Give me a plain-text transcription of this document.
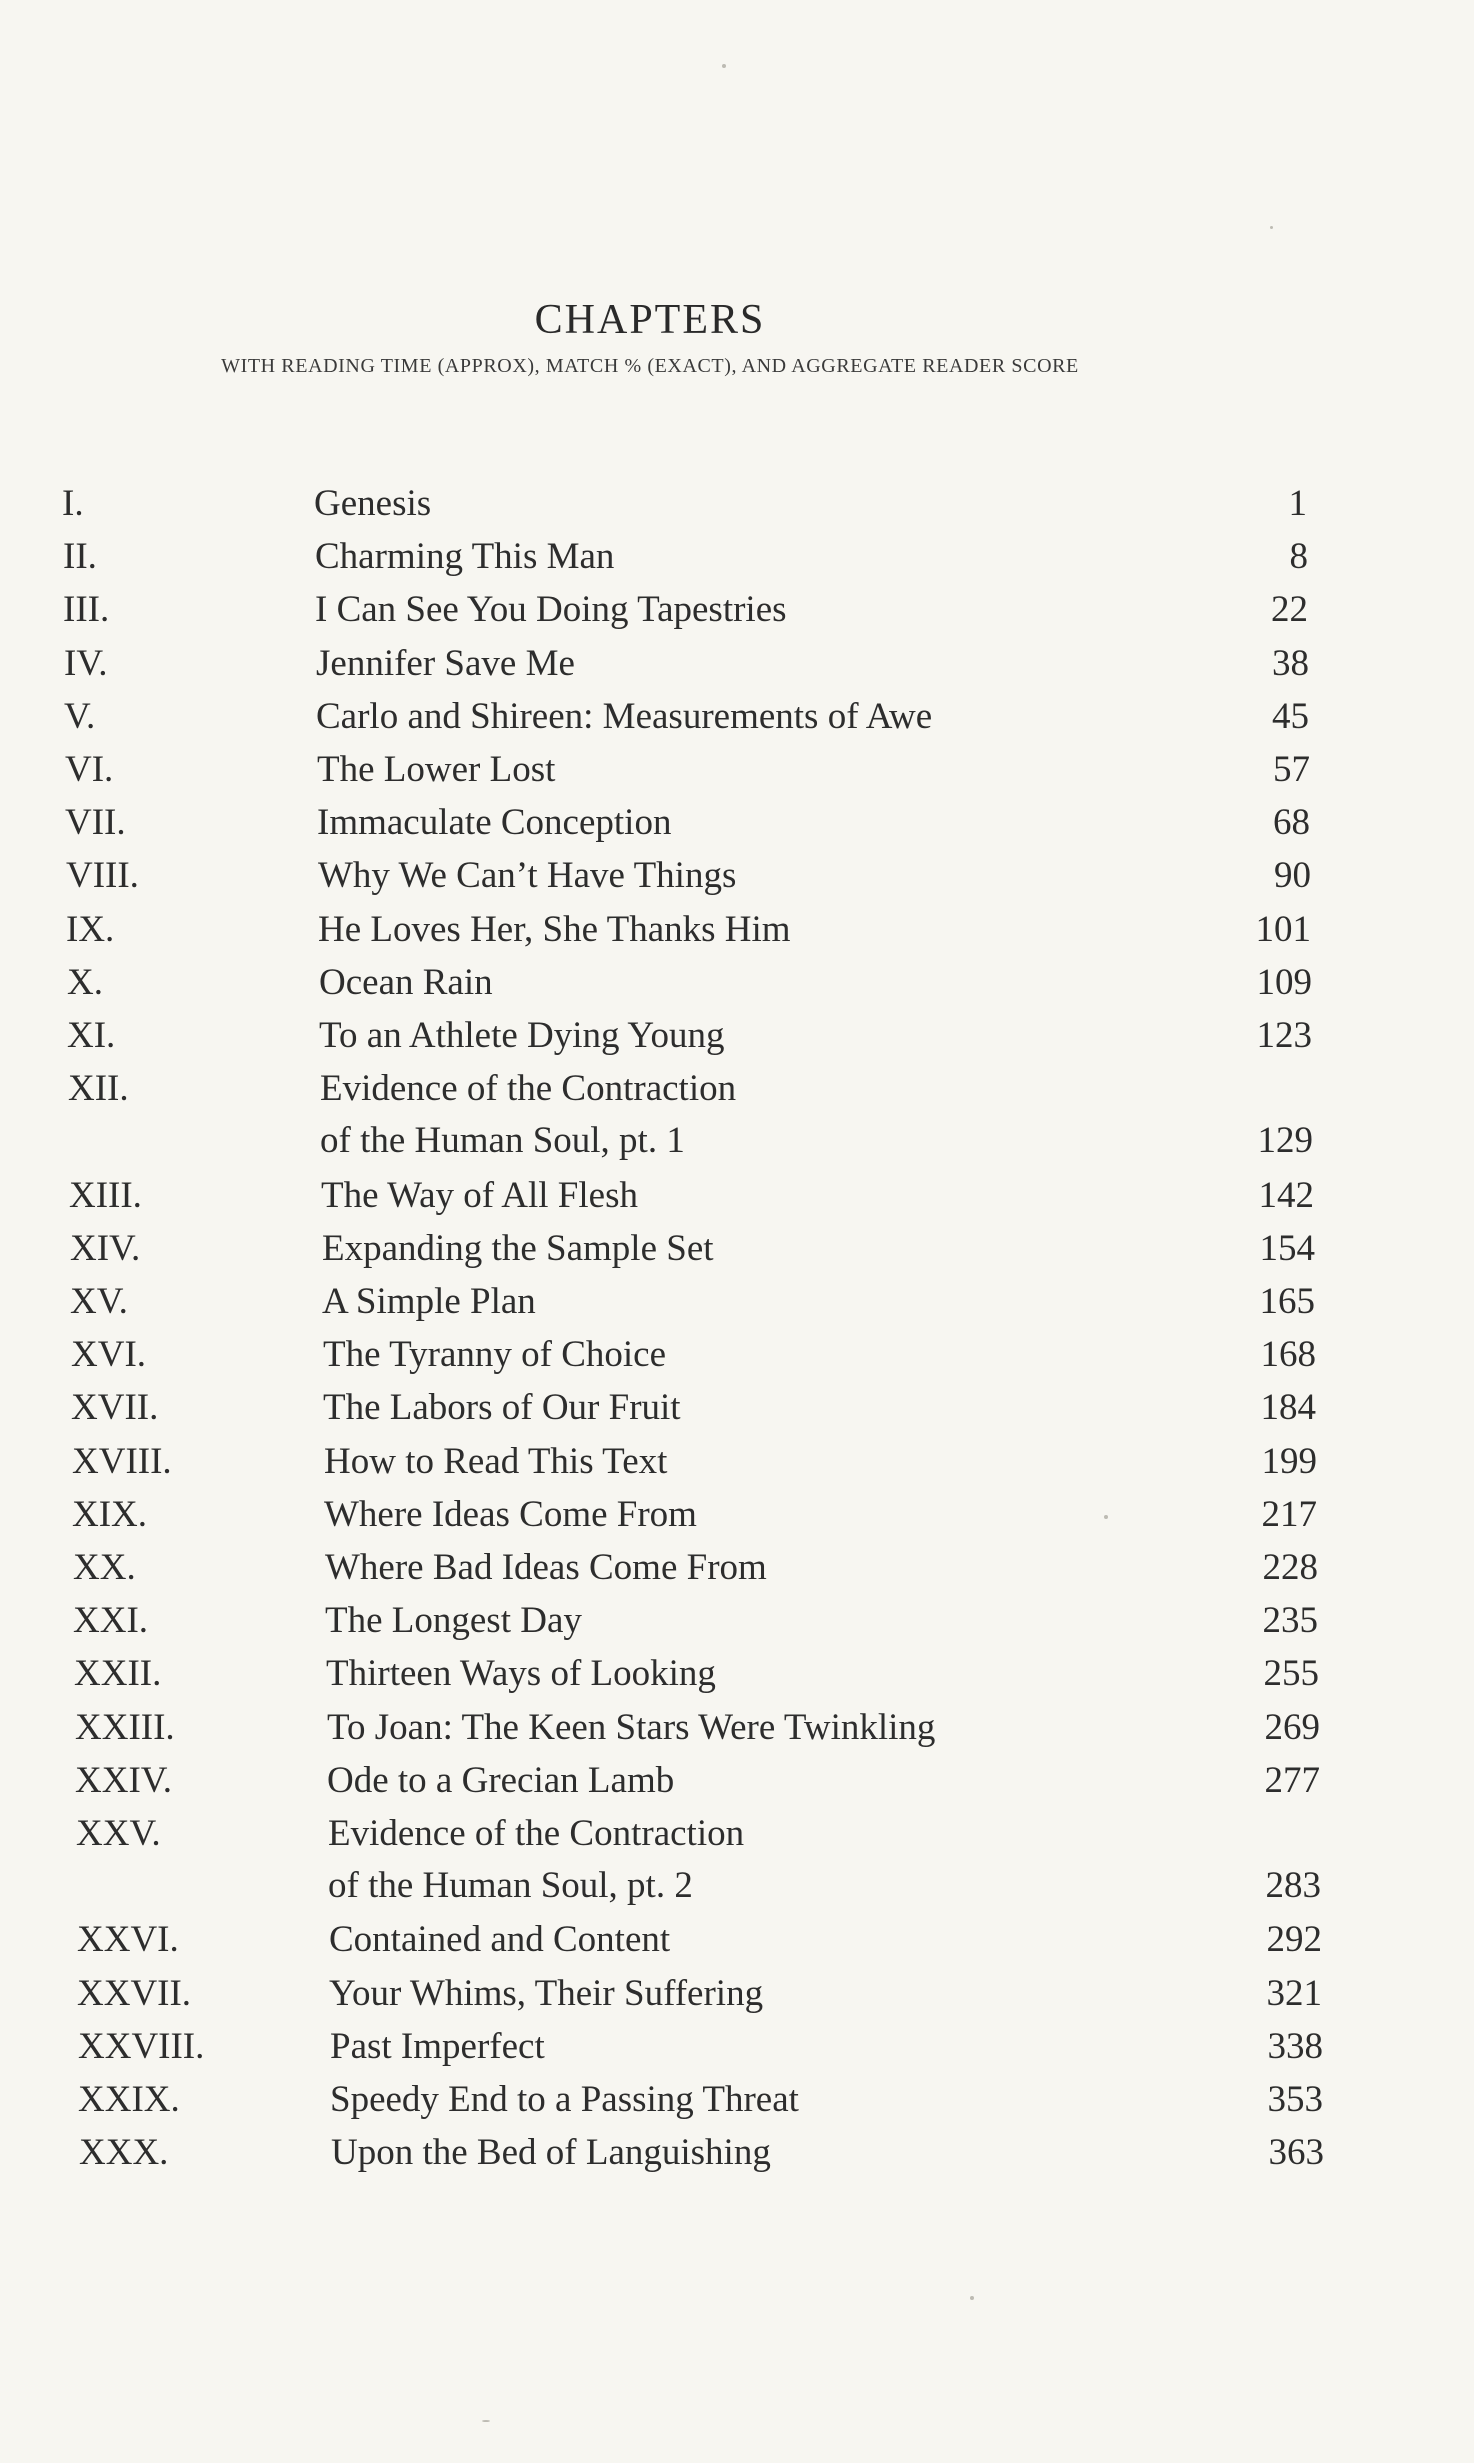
CHAPTERS
WITH READING TIME (APPROX), MATCH % (EXACT), AND AGGREGATE READER SCORE
I.	Genesis	1
II.	Charming This Man	8
III.	I Can See You Doing Tapestries	22
IV.	Jennifer Save Me	38
V.	Carlo and Shireen: Measurements of Awe	45
VI.	The Lower Lost	57
VII.	Immaculate Conception	68
VIII.	Why We Can’t Have Things	90
IX.	He Loves Her, She Thanks Him	101
X.	Ocean Rain	109
XI.	To an Athlete Dying Young	123
XII.	Evidence of the Contraction
of the Human Soul, pt. 1	129
XIII.	The Way of All Flesh	142
XIV.	Expanding the Sample Set	154
XV.	A Simple Plan	165
XVI.	The Tyranny of Choice	168
XVII.	The Labors of Our Fruit	184
XVIII.	How to Read This Text	199
XIX.	Where Ideas Come From	217
XX.	Where Bad Ideas Come From	228
XXI.	The Longest Day	235
XXII.	Thirteen Ways of Looking	255
XXIII.	To Joan: The Keen Stars Were Twinkling	269
XXIV.	Ode to a Grecian Lamb	277
XXV.	Evidence of the Contraction
of the Human Soul, pt. 2	283
XXVI.	Contained and Content	292
XXVII.	Your Whims, Their Suffering	321
XXVIII.	Past Imperfect	338
XXIX.	Speedy End to a Passing Threat	353
XXX.	Upon the Bed of Languishing	363
